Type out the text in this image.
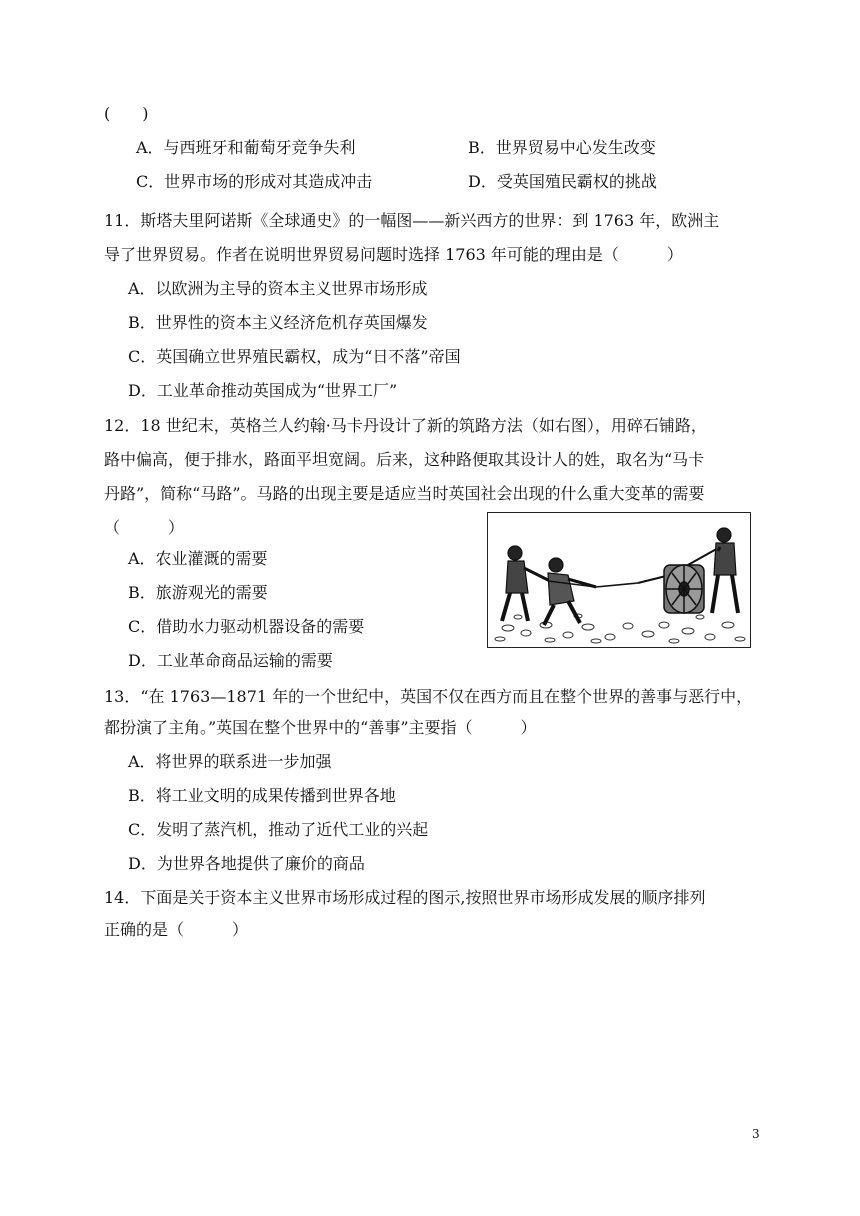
(　　)
A．与西班牙和葡萄牙竞争失利	B．世界贸易中心发生改变
C．世界市场的形成对其造成冲击	D．受英国殖民霸权的挑战
11．斯塔夫里阿诺斯《全球通史》的一幅图——新兴西方的世界：到 1763 年，欧洲主
导了世界贸易。作者在说明世界贸易问题时选择 1763 年可能的理由是（　　　）
A．以欧洲为主导的资本主义世界市场形成
B．世界性的资本主义经济危机存英国爆发
C．英国确立世界殖民霸权，成为“日不落”帝国
D．工业革命推动英国成为“世界工厂”
12．18 世纪末，英格兰人约翰·马卡丹设计了新的筑路方法（如右图），用碎石铺路，
路中偏高，便于排水，路面平坦宽阔。后来，这种路便取其设计人的姓，取名为“马卡
丹路”，简称“马路”。马路的出现主要是适应当时英国社会出现的什么重大变革的需要
（　　　）
A．农业灌溉的需要
B．旅游观光的需要
C．借助水力驱动机器设备的需要
D．工业革命商品运输的需要
13．“在 1763—1871 年的一个世纪中，英国不仅在西方而且在整个世界的善事与恶行中，
都扮演了主角。”英国在整个世界中的“善事”主要指（　　　）
A．将世界的联系进一步加强
B．将工业文明的成果传播到世界各地
C．发明了蒸汽机，推动了近代工业的兴起
D．为世界各地提供了廉价的商品
14．下面是关于资本主义世界市场形成过程的图示,按照世界市场形成发展的顺序排列
正确的是（　　　）
3
